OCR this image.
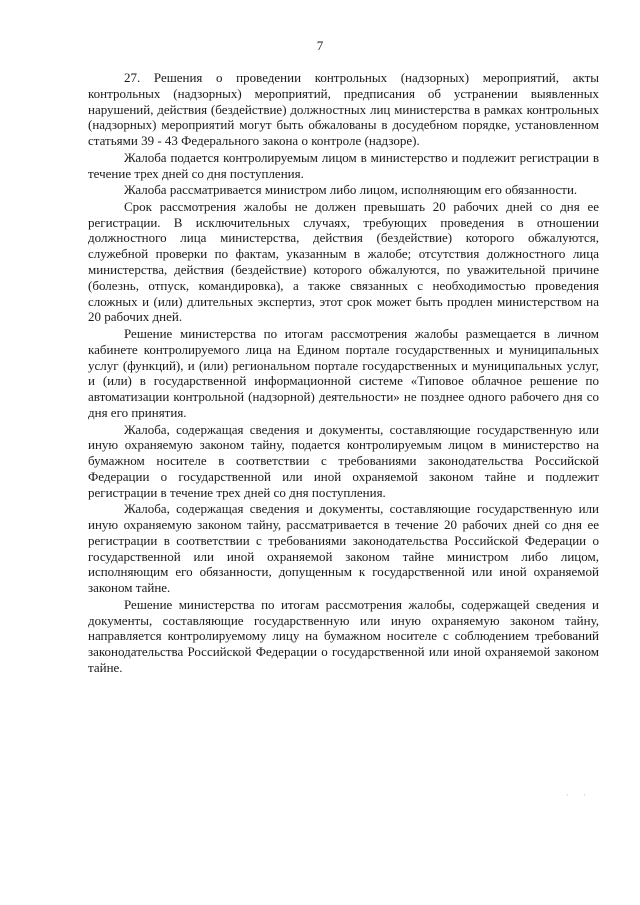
7

27. Решения о проведении контрольных (надзорных) мероприятий, акты контрольных (надзорных) мероприятий, предписания об устранении выявленных нарушений, действия (бездействие) должностных лиц министерства в рамках контрольных (надзорных) мероприятий могут быть обжалованы в досудебном порядке, установленном статьями 39 - 43 Федерального закона о контроле (надзоре).

Жалоба подается контролируемым лицом в министерство и подлежит регистрации в течение трех дней со дня поступления.

Жалоба рассматривается министром либо лицом, исполняющим его обязанности.

Срок рассмотрения жалобы не должен превышать 20 рабочих дней со дня ее регистрации. В исключительных случаях, требующих проведения в отношении должностного лица министерства, действия (бездействие) которого обжалуются, служебной проверки по фактам, указанным в жалобе; отсутствия должностного лица министерства, действия (бездействие) которого обжалуются, по уважительной причине (болезнь, отпуск, командировка), а также связанных с необходимостью проведения сложных и (или) длительных экспертиз, этот срок может быть продлен министерством на 20 рабочих дней.

Решение министерства по итогам рассмотрения жалобы размещается в личном кабинете контролируемого лица на Едином портале государственных и муниципальных услуг (функций), и (или) региональном портале государственных и муниципальных услуг, и (или) в государственной информационной системе «Типовое облачное решение по автоматизации контрольной (надзорной) деятельности» не позднее одного рабочего дня со дня его принятия.

Жалоба, содержащая сведения и документы, составляющие государственную или иную охраняемую законом тайну, подается контролируемым лицом в министерство на бумажном носителе в соответствии с требованиями законодательства Российской Федерации о государственной или иной охраняемой законом тайне и подлежит регистрации в течение трех дней со дня поступления.

Жалоба, содержащая сведения и документы, составляющие государственную или иную охраняемую законом тайну, рассматривается в течение 20 рабочих дней со дня ее регистрации в соответствии с требованиями законодательства Российской Федерации о государственной или иной охраняемой законом тайне министром либо лицом, исполняющим его обязанности, допущенным к государственной или иной охраняемой законом тайне.

Решение министерства по итогам рассмотрения жалобы, содержащей сведения и документы, составляющие государственную или иную охраняемую законом тайну, направляется контролируемому лицу на бумажном носителе с соблюдением требований законодательства Российской Федерации о государственной или иной охраняемой законом тайне.

· ·
